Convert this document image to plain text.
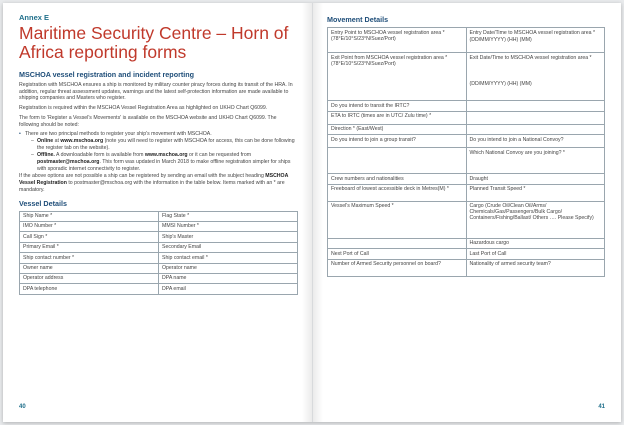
Annex E
Maritime Security Centre – Horn of Africa reporting forms
MSCHOA vessel registration and incident reporting

Registration with MSCHOA ensures a ship is monitored by military counter piracy forces during its transit of the HRA. In addition, regular threat assessment updates, warnings and the latest self-protection information are made available to shipping companies and Masters who register.

Registration is required within the MSCHOA Vessel Registration Area as highlighted on UKHO Chart Q6099.

The form to 'Register a Vessel's Movements' is available on the MSCHOA website and UKHO Chart Q6099. The following should be noted:

• There are two principal methods to register your ship's movement with MSCHOA.
– Online at www.mschoa.org (note you will need to register with MSCHOA for access, this can be done following the register tab on the website).
– Offline. A downloadable form is available from www.mschoa.org or it can be requested from postmaster@mschoa.org. This form was updated in March 2018 to make offline registration simpler for ships with sporadic internet connectivity to register.

If the above options are not possible a ship can be registered by sending an email with the subject heading MSCHOA Vessel Registration to postmaster@mschoa.org with the information in the table below. Items marked with an * are mandatory.

Vessel Details
Ship Name *	Flag State *
IMO Number *	MMSI Number *
Call Sign *	Ship's Master
Primary Email *	Secondary Email
Ship contact number *	Ship contact email *
Owner name	Operator name
Operator address	DPA name
DPA telephone	DPA email
40
Movement Details
Entry Point to MSCHOA vessel registration area * (78°E/10°S/23°N/Suez/Port)	Entry Date/Time to MSCHOA vessel registration area *
(DD/MM/YYYY) (HH) (MM)

Exit Point from MSCHOA vessel registration area * (78°E/10°S/23°N/Suez/Port)	Exit Date/Time to MSCHOA vessel registration area *
(DD/MM/YYYY) (HH) (MM)

Do you intend to transit the IRTC?	
ETA to IRTC (times are in UTC/ Zulu time) *	
Direction * (East/West)	
Do you intend to join a group transit?	Do you intend to join a National Convoy?
	Which National Convoy are you joining? *
Crew numbers and nationalities	Draught
Freeboard of lowest accessible deck in Metres(M) *	Planned Transit Speed *
Vessel's Maximum Speed *	Cargo (Crude Oil/Clean Oil/Arms/ Chemicals/Gas/Passengers/Bulk Cargo/ Containers/Fishing/Ballast/ Others …. Please Specify)
	Hazardous cargo
Next Port of Call	Last Port of Call
Number of Armed Security personnel on board?	Nationality of armed security team?
41
